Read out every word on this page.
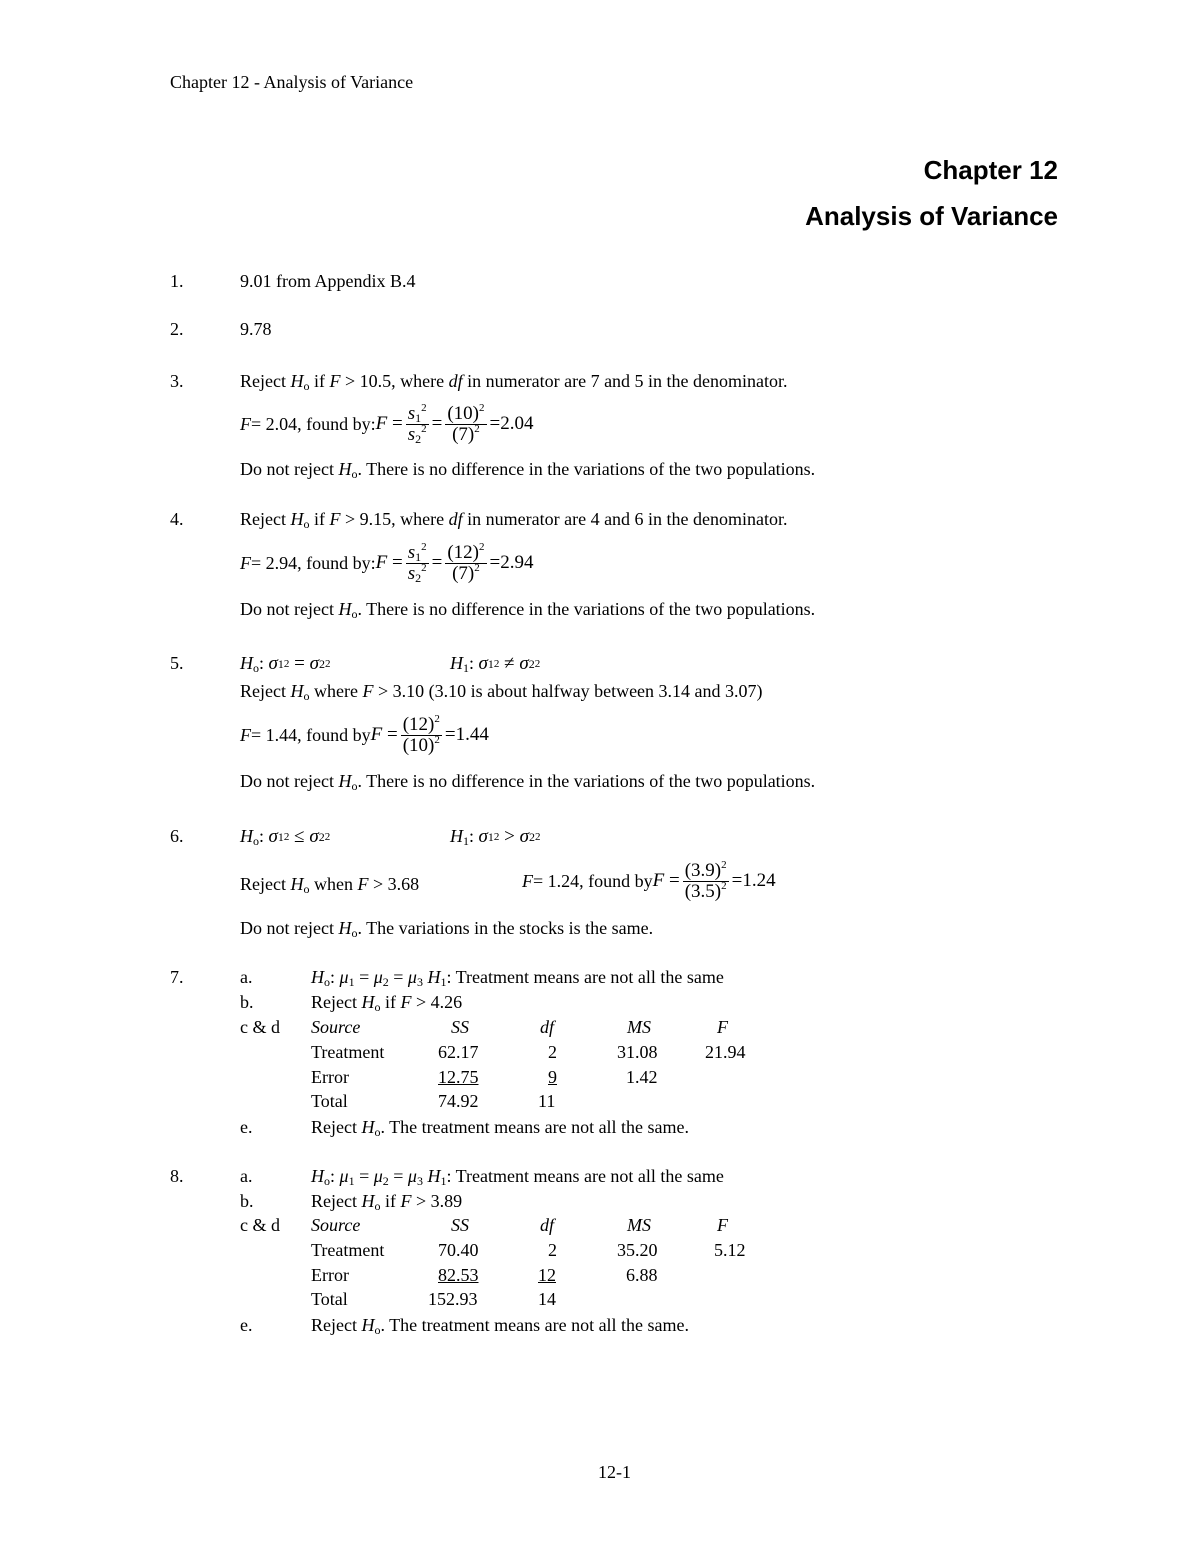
Chapter 12 - Analysis of Variance
Chapter 12
Analysis of Variance
1.	9.01 from Appendix B.4
2.	9.78
3.	Reject $H_o$ if F > 10.5, where df in numerator are 7 and 5 in the denominator.
F = 2.04, found by: $F = \frac{s_1^2}{s_2^2} = \frac{(10)^2}{(7)^2} =2.04$
Do not reject $H_o$. There is no difference in the variations of the two populations.
4.	Reject $H_o$ if F > 9.15, where df in numerator are 4 and 6 in the denominator.
F = 2.94, found by: $F = \frac{s_1^2}{s_2^2} = \frac{(12)^2}{(7)^2} =2.94$
Do not reject $H_o$. There is no difference in the variations of the two populations.
5.	$H_o$: σ 1 2 = σ 2 2	$H_1$: σ 1 2 ≠ σ 2 2
Reject $H_o$ where F > 3.10 (3.10 is about halfway between 3.14 and 3.07)
F = 1.44, found by $F = \frac{(12)^2}{(10)^2} =1.44$
Do not reject $H_o$. There is no difference in the variations of the two populations.
6.	$H_o$: σ 1 2 ≤ σ 2 2	$H_1$: σ 1 2 > σ 2 2
Reject $H_o$ when F > 3.68	F = 1.24, found by $F = \frac{(3.9)^2}{(3.5)^2} =1.24$
Do not reject $H_o$. The variations in the stocks is the same.
7.	a.	$H_o$: $\mu_1 = \mu_2 = \mu_3$ $H_1$: Treatment means are not all the same
b.	Reject $H_o$ if F > 4.26
c & d Source	SS	df	MS	F
Treatment	62.17	2	31.08	21.94
Error	12.75	9	1.42
Total	74.92	11
e.	Reject $H_o$. The treatment means are not all the same.
8.	a.	$H_o$: $\mu_1 = \mu_2 = \mu_3$ $H_1$: Treatment means are not all the same
b.	Reject $H_o$ if F > 3.89
c & d Source	SS	df	MS	F
Treatment	70.40	2	35.20	5.12
Error	82.53	12	6.88
Total	152.93	14
e.	Reject $H_o$. The treatment means are not all the same.
12-1
